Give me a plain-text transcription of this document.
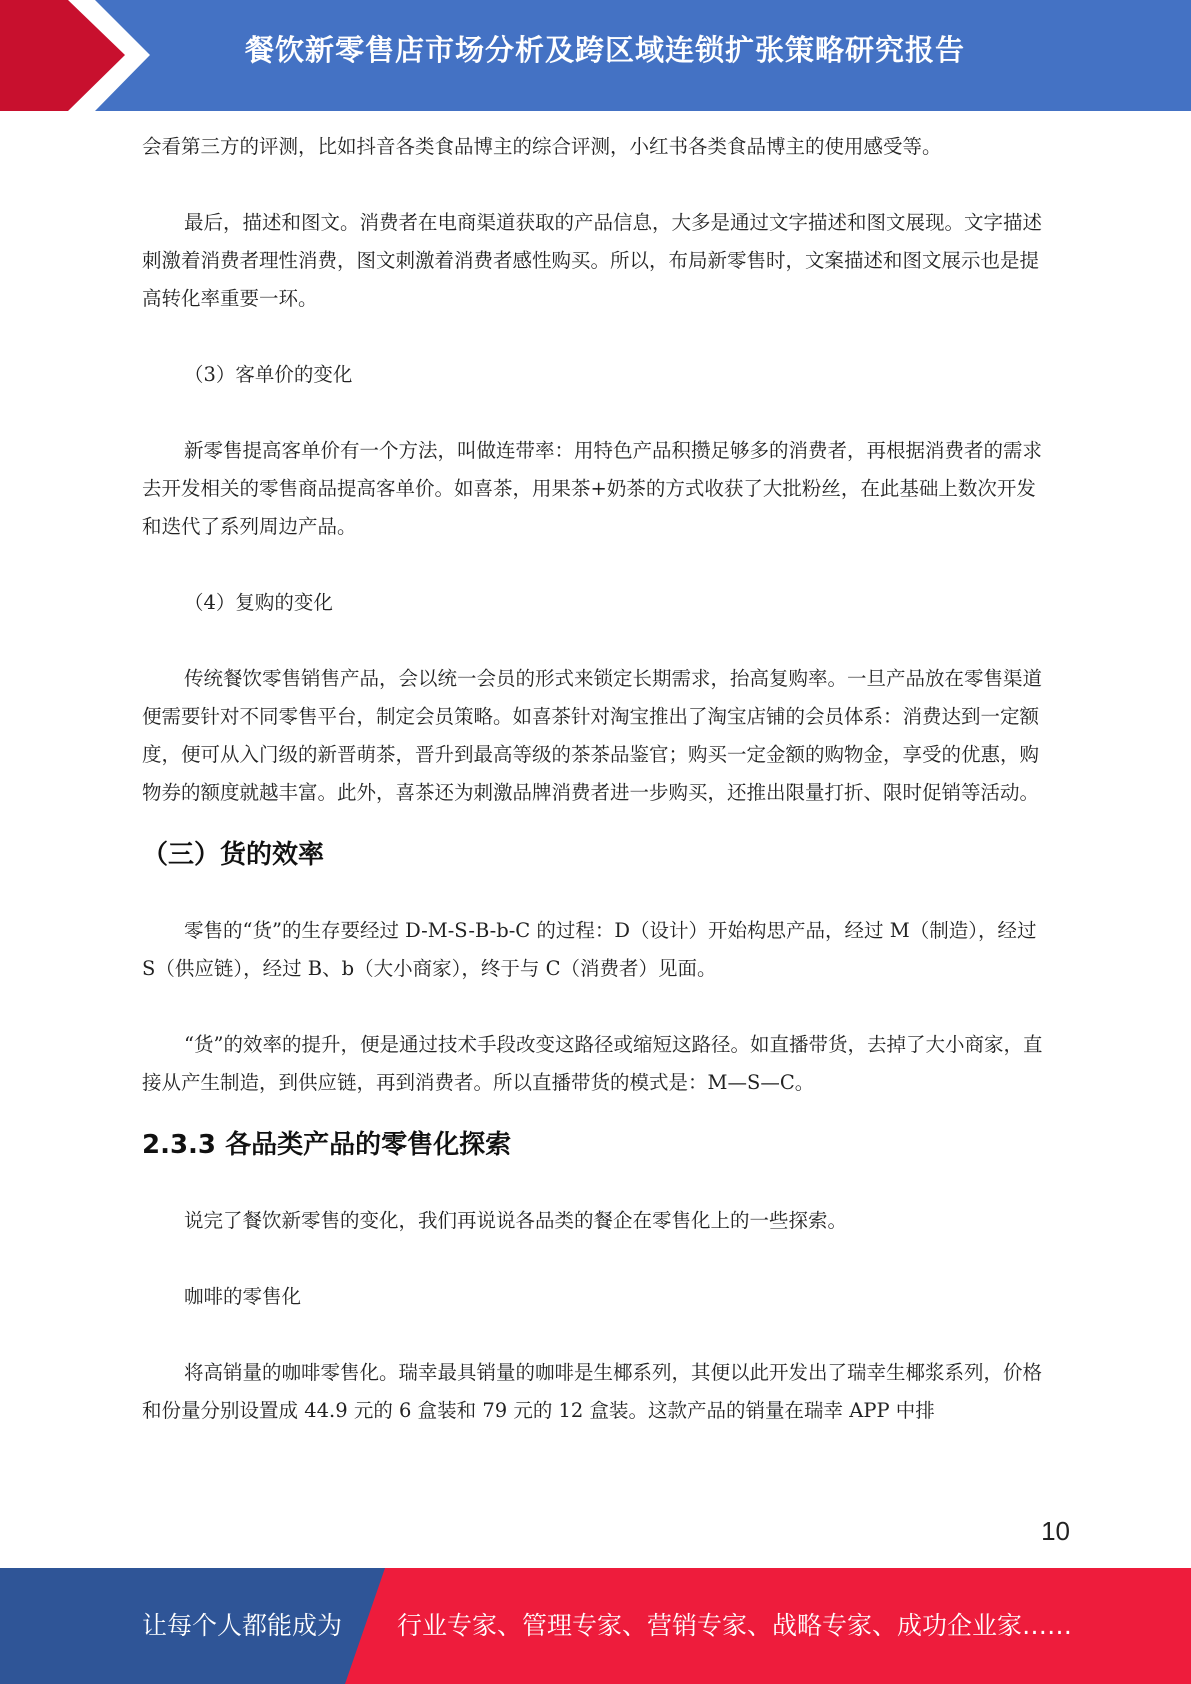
餐饮新零售店市场分析及跨区域连锁扩张策略研究报告

会看第三方的评测，比如抖音各类食品博主的综合评测，小红书各类食品博主的使用感受等。

最后，描述和图文。消费者在电商渠道获取的产品信息，大多是通过文字描述和图文展现。文字描述刺激着消费者理性消费，图文刺激着消费者感性购买。所以，布局新零售时，文案描述和图文展示也是提高转化率重要一环。

（3）客单价的变化

新零售提高客单价有一个方法，叫做连带率：用特色产品积攒足够多的消费者，再根据消费者的需求去开发相关的零售商品提高客单价。如喜茶，用果茶+奶茶的方式收获了大批粉丝，在此基础上数次开发和迭代了系列周边产品。

（4）复购的变化

传统餐饮零售销售产品，会以统一会员的形式来锁定长期需求，抬高复购率。一旦产品放在零售渠道便需要针对不同零售平台，制定会员策略。如喜茶针对淘宝推出了淘宝店铺的会员体系：消费达到一定额度，便可从入门级的新晋萌茶，晋升到最高等级的茶茶品鉴官；购买一定金额的购物金，享受的优惠，购物券的额度就越丰富。此外，喜茶还为刺激品牌消费者进一步购买，还推出限量打折、限时促销等活动。

（三）货的效率

零售的“货”的生存要经过 D-M-S-B-b-C 的过程：D（设计）开始构思产品，经过 M（制造），经过 S（供应链），经过 B、b（大小商家），终于与 C（消费者）见面。

“货”的效率的提升，便是通过技术手段改变这路径或缩短这路径。如直播带货，去掉了大小商家，直接从产生制造，到供应链，再到消费者。所以直播带货的模式是：M—S—C。

2.3.3 各品类产品的零售化探索

说完了餐饮新零售的变化，我们再说说各品类的餐企在零售化上的一些探索。

咖啡的零售化

将高销量的咖啡零售化。瑞幸最具销量的咖啡是生椰系列，其便以此开发出了瑞幸生椰浆系列，价格和份量分别设置成 44.9 元的 6 盒装和 79 元的 12 盒装。这款产品的销量在瑞幸 APP 中排

10
让每个人都能成为 行业专家、管理专家、营销专家、战略专家、成功企业家……
